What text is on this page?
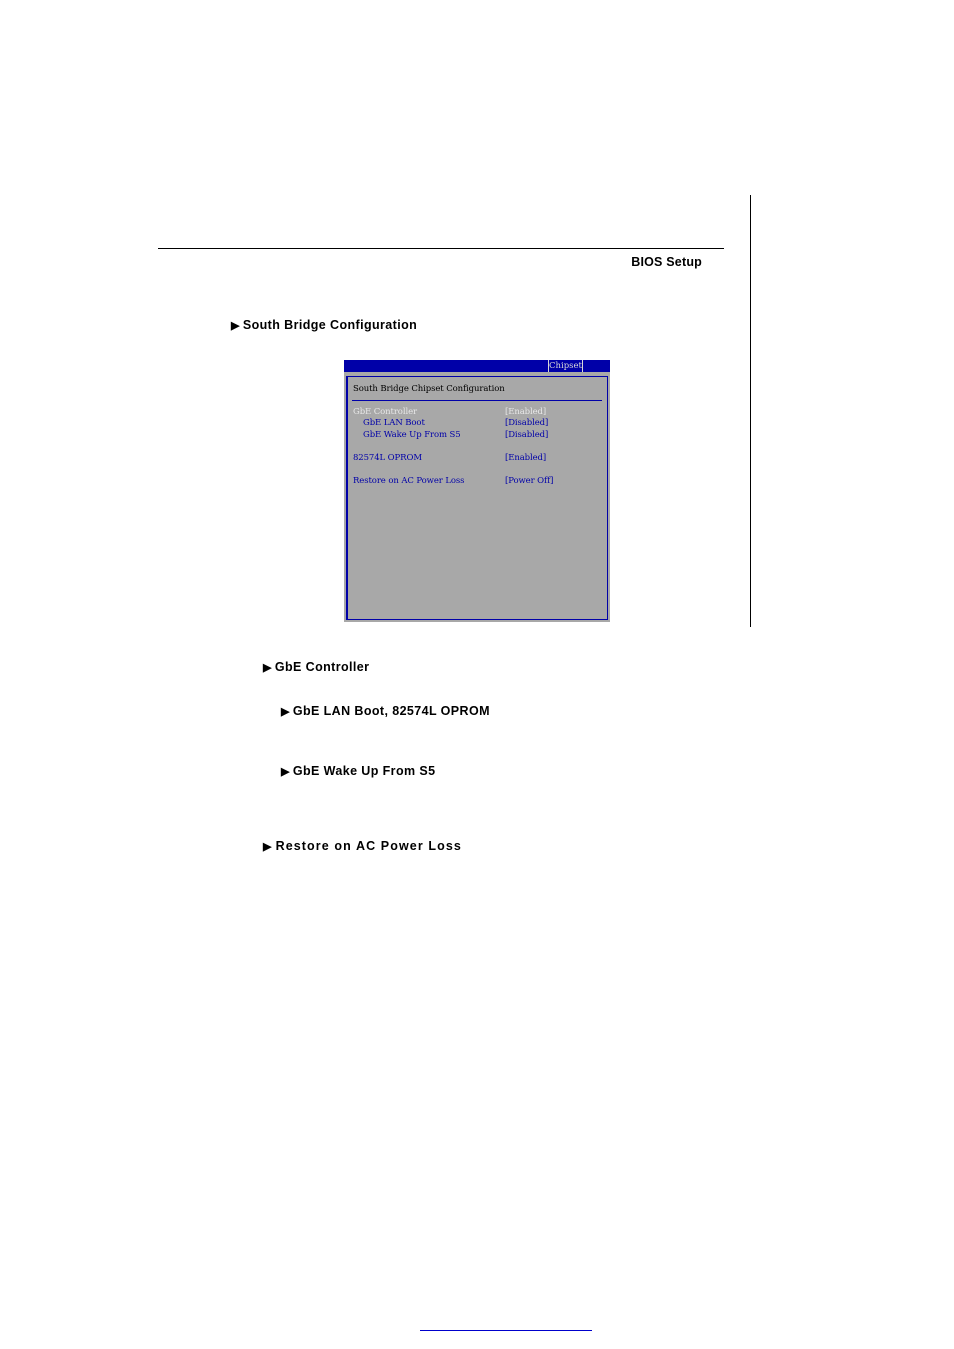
BIOS Setup
▶ South Bridge Configuration
Chipset
South Bridge Chipset Configuration
GbE Controller	[Enabled]
GbE LAN Boot	[Disabled]
GbE Wake Up From S5	[Disabled]
82574L OPROM	[Enabled]
Restore on AC Power Loss	[Power Off]
▶ GbE Controller
▶ GbE LAN Boot, 82574L OPROM
▶ GbE Wake Up From S5
▶ Restore on AC Power Loss
